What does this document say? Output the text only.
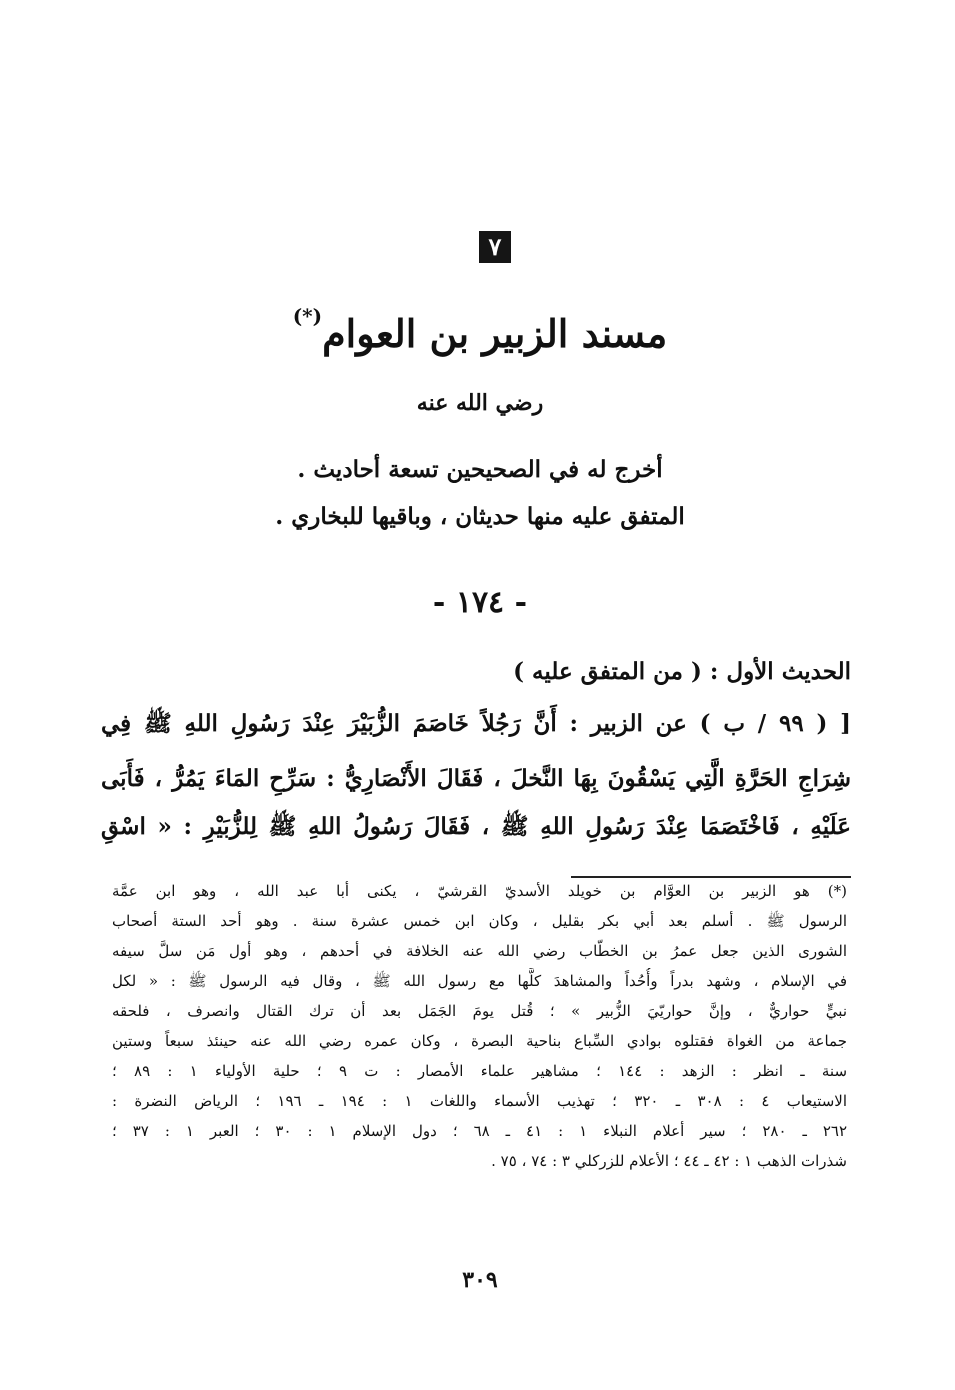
٧
مسند الزبير بن العوام(*)
رضي الله عنه
أخرج له في الصحيحين تسعة أحاديث .
المتفق عليه منها حديثان ، وباقيها للبخاري .
- ١٧٤ -
الحديث الأول : ( من المتفق عليه )
[ ( ٩٩ / ب ) عن الزبير : أَنَّ رَجُلاً خَاصَمَ الزُّبَيْرَ عِنْدَ رَسُولِ اللهِ ﷺ فِي
شِرَاجِ الحَرَّةِ الَّتِي يَسْقُونَ بِهَا النَّخلَ ، فَقَالَ الأَنْصَارِيُّ : سَرِّحِ المَاءَ يَمُرُّ ، فَأَبَى
عَلَيْهِ ، فَاخْتَصَمَا عِنْدَ رَسُولِ اللهِ ﷺ ، فَقَالَ رَسُولُ اللهِ ﷺ لِلزُّبَيْرِ : « اسْقِ
(*) هو الزبير بن العوَّام بن خويلد الأسديّ القرشيّ ، يكنى أبا عبد الله ، وهو ابن عمَّة
الرسول ﷺ . أسلم بعد أبي بكر بقليل ، وكان ابن خمس عشرة سنة . وهو أحد الستة أصحاب
الشورى الذين جعل عمرُ بن الخطّاب رضي الله عنه الخلافة في أحدهم ، وهو أول مَن سلَّ سيفه
في الإسلام ، وشهد بدراً وأُحُداً والمشاهدَ كلَّها مع رسول الله ﷺ ، وقال فيه الرسول ﷺ : « لكل
نبيٍّ حواريٌّ ، وإنَّ حواريّيَ الزُّبير » ؛ قُتل يومَ الجَمَل بعد أن ترك القتال وانصرف ، فلحقه
جماعة من الغواة فقتلوه بوادي السِّباع بناحية البصرة ، وكان عمره رضي الله عنه حينئذ سبعاً وستين
سنة ـ انظر : الزهد : ١٤٤ ؛ مشاهير علماء الأمصار : ت ٩ ؛ حلية الأولياء ١ : ٨٩ ؛
الاستيعاب ٤ : ٣٠٨ ـ ٣٢٠ ؛ تهذيب الأسماء واللغات ١ : ١٩٤ ـ ١٩٦ ؛ الرياض النضرة :
٢٦٢ ـ ٢٨٠ ؛ سير أعلام النبلاء ١ : ٤١ ـ ٦٨ ؛ دول الإسلام ١ : ٣٠ ؛ العبر ١ : ٣٧ ؛
شذرات الذهب ١ : ٤٢ ـ ٤٤ ؛ الأعلام للزركلي ٣ : ٧٤ ، ٧٥ .
٣٠٩
